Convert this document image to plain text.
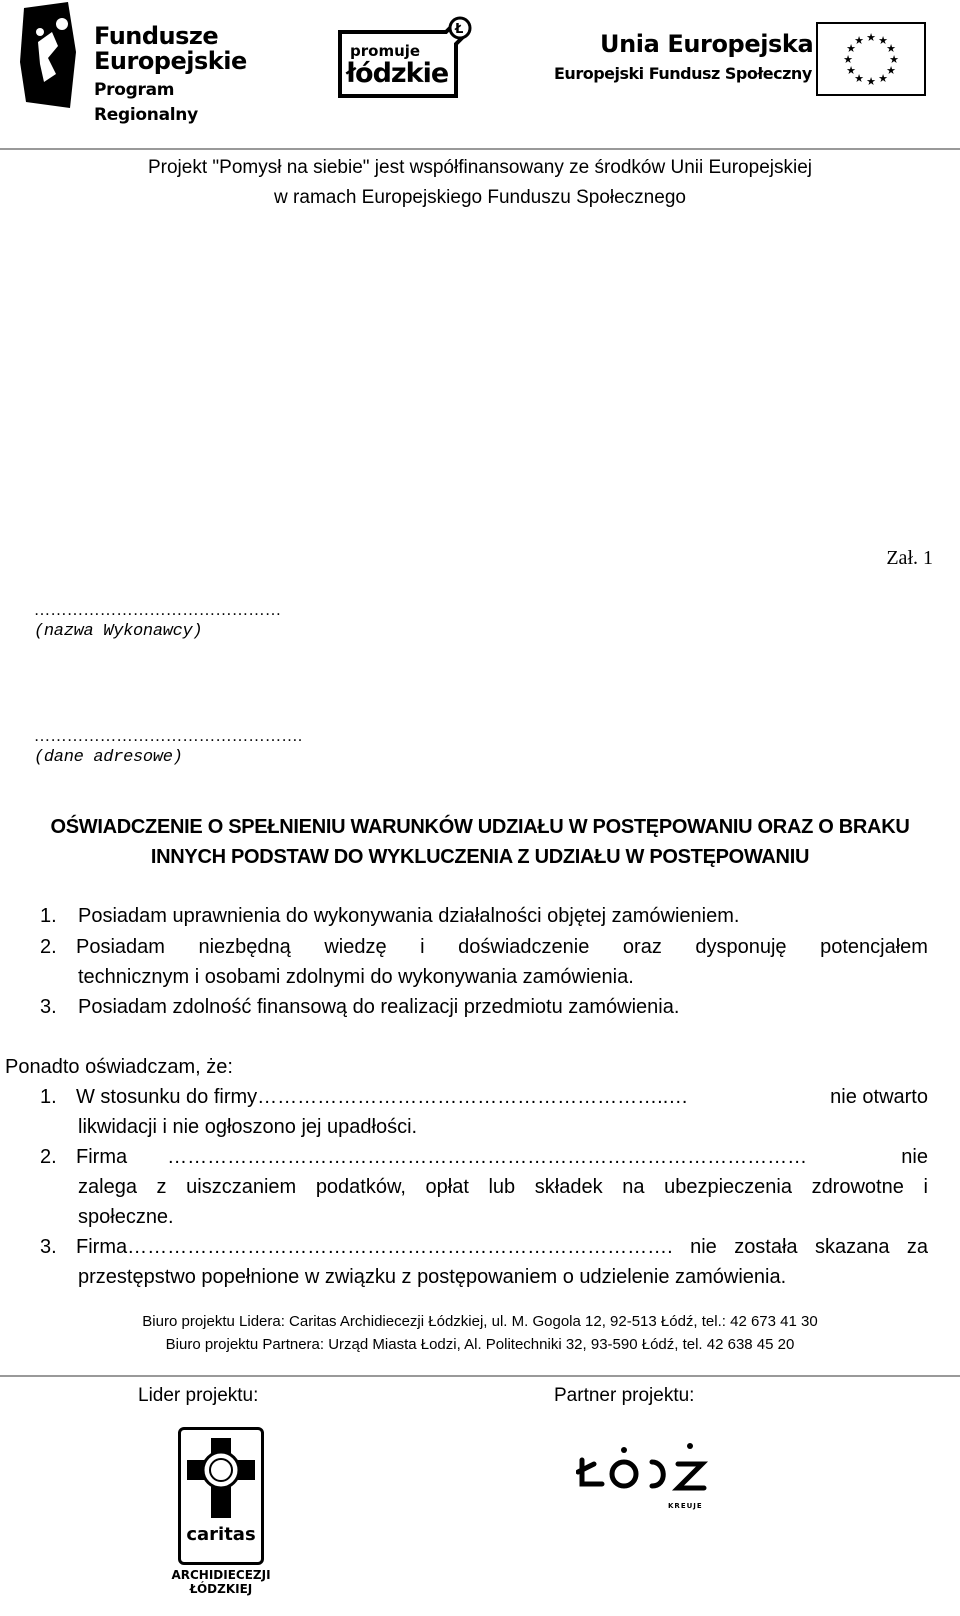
Fundusze
Europejskie
Program Regionalny
Ł
promuje
łódzkie
Unia Europejska
Europejski Fundusz Społeczny
★ ★
★
★
★
★
★
★
★
★
★
★
Projekt "Pomysł na siebie" jest współfinansowany ze środków Unii Europejskiej
w ramach Europejskiego Funduszu Społecznego
Zał. 1
………………………………………
(nazwa Wykonawcy)
………………………………………….
(dane adresowe)
OŚWIADCZENIE O SPEŁNIENIU WARUNKÓW UDZIAŁU W POSTĘPOWANIU ORAZ O BRAKU
INNYCH PODSTAW DO WYKLUCZENIA Z UDZIAŁU W POSTĘPOWANIU
1.	Posiadam uprawnienia do wykonywania działalności objętej zamówieniem.
2. Posiadam niezbędną wiedzę i doświadczenie oraz dysponuję potencjałem
technicznym i osobami zdolnymi do wykonywania zamówienia.
3.	Posiadam zdolność finansową do realizacji przedmiotu zamówienia.
Ponadto oświadczam, że:
1. W stosunku do firmy……………………………………………………..…	nie otwarto
likwidacji i nie ogłoszono jej upadłości.
2. Firma ……………………………………………………………………………………	nie
zalega z uiszczaniem podatków, opłat lub składek na ubezpieczenia zdrowotne i
społeczne.
3. Firma………………………………………………………………………. nie została skazana za
przestępstwo popełnione w związku z postępowaniem o udzielenie zamówienia.
Biuro projektu Lidera: Caritas Archidiecezji Łódzkiej, ul. M. Gogola 12, 92-513 Łódź, tel.: 42 673 41 30
Biuro projektu Partnera: Urząd Miasta Łodzi, Al. Politechniki 32, 93-590 Łódź, tel. 42 638 45 20
Lider projektu:	Partner projektu:
caritas
ARCHIDIECEZJI
ŁÓDZKIEJ
KREUJE
